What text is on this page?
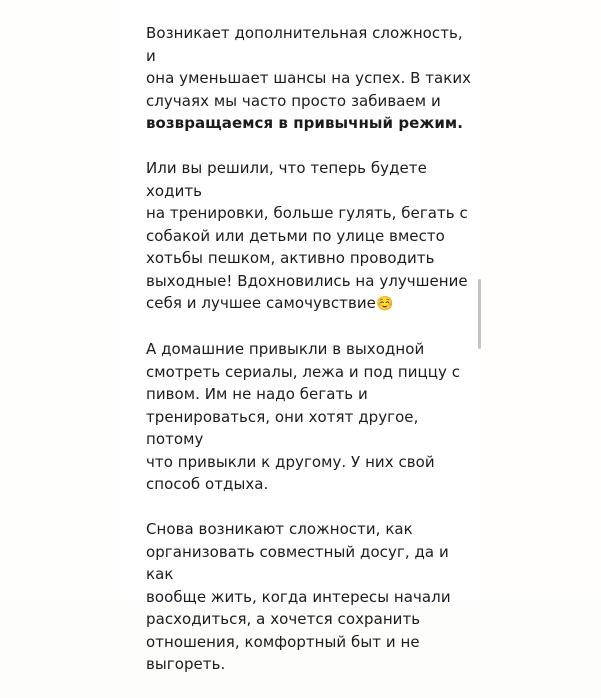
Возникает дополнительная сложность, и
она уменьшает шансы на успех. В таких
случаях мы часто просто забиваем и
возвращаемся в привычный режим.

Или вы решили, что теперь будете ходить
на тренировки, больше гулять, бегать с
собакой или детьми по улице вместо
хотьбы пешком, активно проводить
выходные! Вдохновились на улучшение
себя и лучшее самочувствие☺️

А домашние привыкли в выходной
смотреть сериалы, лежа и под пиццу с
пивом. Им не надо бегать и
тренироваться, они хотят другое, потому
что привыкли к другому. У них свой
способ отдыха.

Снова возникают сложности, как
организовать совместный досуг, да и как
вообще жить, когда интересы начали
расходиться, а хочется сохранить
отношения, комфортный быт и не
выгореть.
